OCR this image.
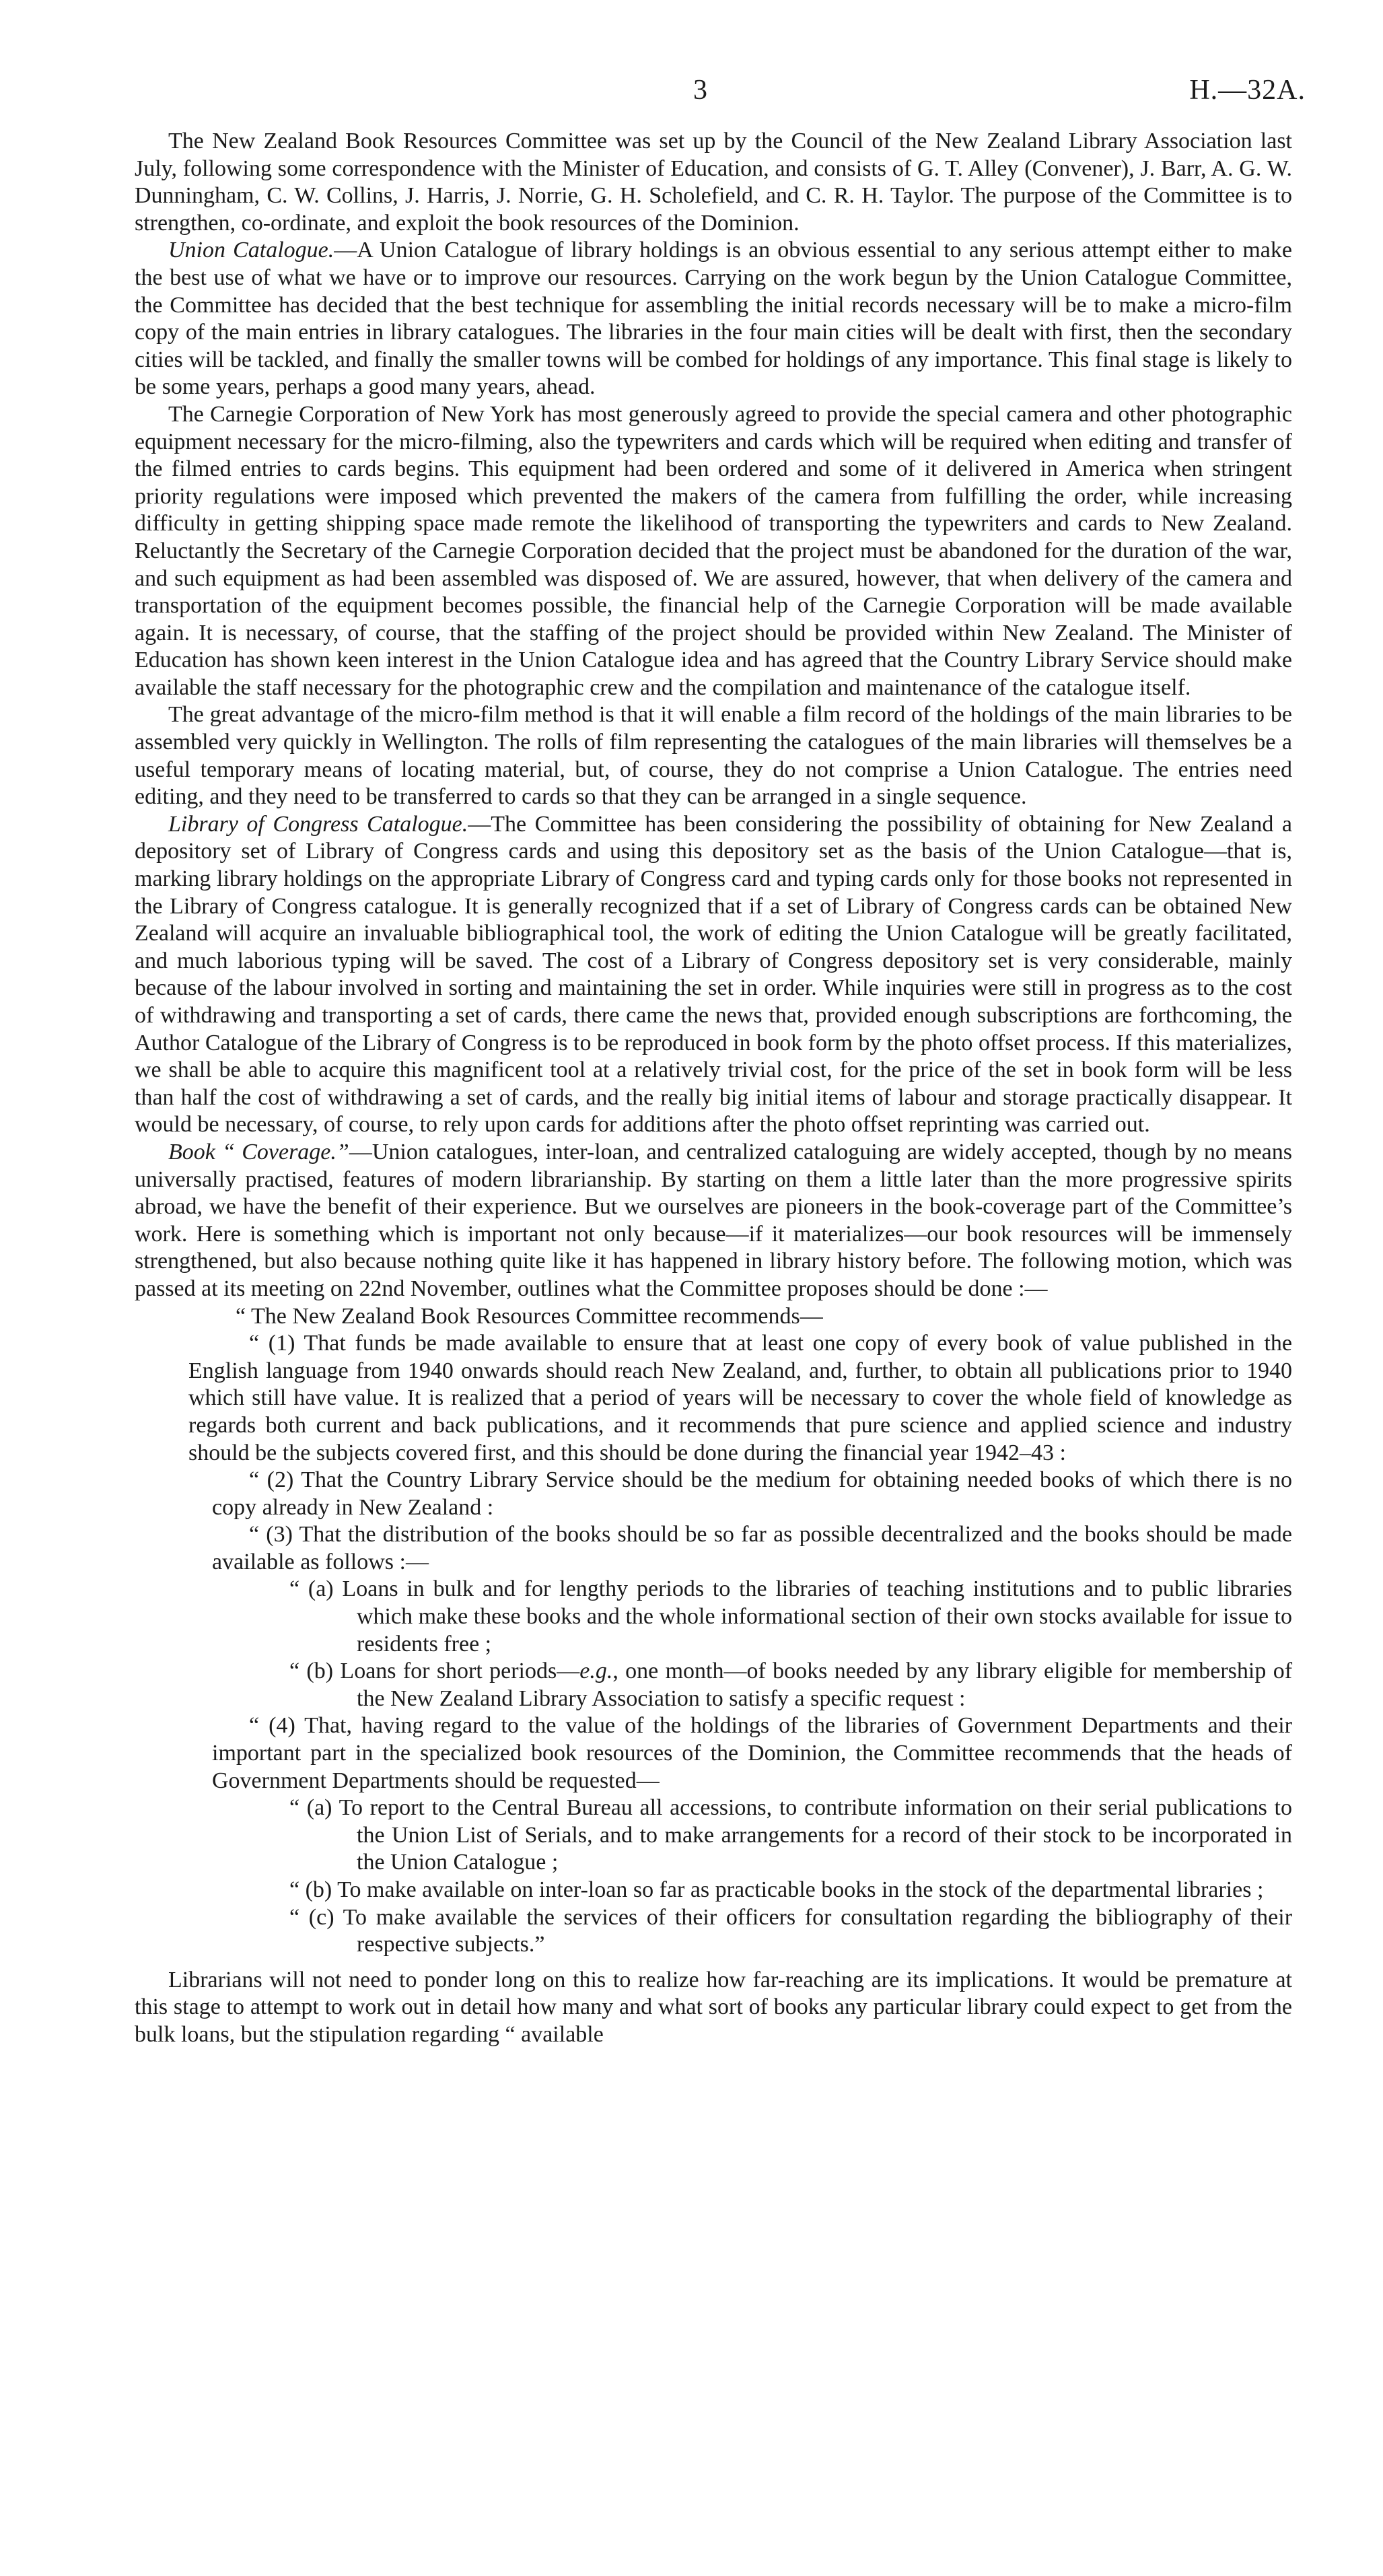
3	H.—32A.

The New Zealand Book Resources Committee was set up by the Council of the New Zealand Library Association last July, following some correspondence with the Minister of Education, and consists of G. T. Alley (Convener), J. Barr, A. G. W. Dunningham, C. W. Collins, J. Harris, J. Norrie, G. H. Scholefield, and C. R. H. Taylor. The purpose of the Committee is to strengthen, co-ordinate, and exploit the book resources of the Dominion.

Union Catalogue.—A Union Catalogue of library holdings is an obvious essential to any serious attempt either to make the best use of what we have or to improve our resources. Carrying on the work begun by the Union Catalogue Committee, the Committee has decided that the best technique for assembling the initial records necessary will be to make a micro-film copy of the main entries in library catalogues. The libraries in the four main cities will be dealt with first, then the secondary cities will be tackled, and finally the smaller towns will be combed for holdings of any importance. This final stage is likely to be some years, perhaps a good many years, ahead.

The Carnegie Corporation of New York has most generously agreed to provide the special camera and other photographic equipment necessary for the micro-filming, also the typewriters and cards which will be required when editing and transfer of the filmed entries to cards begins. This equipment had been ordered and some of it delivered in America when stringent priority regulations were imposed which prevented the makers of the camera from fulfilling the order, while increasing difficulty in getting shipping space made remote the likelihood of transporting the typewriters and cards to New Zealand. Reluctantly the Secretary of the Carnegie Corporation decided that the project must be abandoned for the duration of the war, and such equipment as had been assembled was disposed of. We are assured, however, that when delivery of the camera and transportation of the equipment becomes possible, the financial help of the Carnegie Corporation will be made available again. It is necessary, of course, that the staffing of the project should be provided within New Zealand. The Minister of Education has shown keen interest in the Union Catalogue idea and has agreed that the Country Library Service should make available the staff necessary for the photographic crew and the compilation and maintenance of the catalogue itself.

The great advantage of the micro-film method is that it will enable a film record of the holdings of the main libraries to be assembled very quickly in Wellington. The rolls of film representing the catalogues of the main libraries will themselves be a useful temporary means of locating material, but, of course, they do not comprise a Union Catalogue. The entries need editing, and they need to be transferred to cards so that they can be arranged in a single sequence.

Library of Congress Catalogue.—The Committee has been considering the possibility of obtaining for New Zealand a depository set of Library of Congress cards and using this depository set as the basis of the Union Catalogue—that is, marking library holdings on the appropriate Library of Congress card and typing cards only for those books not represented in the Library of Congress catalogue. It is generally recognized that if a set of Library of Congress cards can be obtained New Zealand will acquire an invaluable bibliographical tool, the work of editing the Union Catalogue will be greatly facilitated, and much laborious typing will be saved. The cost of a Library of Congress depository set is very considerable, mainly because of the labour involved in sorting and maintaining the set in order. While inquiries were still in progress as to the cost of withdrawing and transporting a set of cards, there came the news that, provided enough subscriptions are forthcoming, the Author Catalogue of the Library of Congress is to be reproduced in book form by the photo offset process. If this materializes, we shall be able to acquire this magnificent tool at a relatively trivial cost, for the price of the set in book form will be less than half the cost of withdrawing a set of cards, and the really big initial items of labour and storage practically disappear. It would be necessary, of course, to rely upon cards for additions after the photo offset reprinting was carried out.

Book “ Coverage.”—Union catalogues, inter-loan, and centralized cataloguing are widely accepted, though by no means universally practised, features of modern librarianship. By starting on them a little later than the more progressive spirits abroad, we have the benefit of their experience. But we ourselves are pioneers in the book-coverage part of the Committee’s work. Here is something which is important not only because—if it materializes—our book resources will be immensely strengthened, but also because nothing quite like it has happened in library history before. The following motion, which was passed at its meeting on 22nd November, outlines what the Committee proposes should be done :—

“ The New Zealand Book Resources Committee recommends—

“ (1) That funds be made available to ensure that at least one copy of every book of value published in the English language from 1940 onwards should reach New Zealand, and, further, to obtain all publications prior to 1940 which still have value. It is realized that a period of years will be necessary to cover the whole field of knowledge as regards both current and back publications, and it recommends that pure science and applied science and industry should be the subjects covered first, and this should be done during the financial year 1942–43 :

“ (2) That the Country Library Service should be the medium for obtaining needed books of which there is no copy already in New Zealand :

“ (3) That the distribution of the books should be so far as possible decentralized and the books should be made available as follows :—

“ (a) Loans in bulk and for lengthy periods to the libraries of teaching institutions and to public libraries which make these books and the whole informational section of their own stocks available for issue to residents free ;

“ (b) Loans for short periods—e.g., one month—of books needed by any library eligible for membership of the New Zealand Library Association to satisfy a specific request :

“ (4) That, having regard to the value of the holdings of the libraries of Government Departments and their important part in the specialized book resources of the Dominion, the Committee recommends that the heads of Government Departments should be requested—

“ (a) To report to the Central Bureau all accessions, to contribute information on their serial publications to the Union List of Serials, and to make arrangements for a record of their stock to be incorporated in the Union Catalogue ;

“ (b) To make available on inter-loan so far as practicable books in the stock of the departmental libraries ;

“ (c) To make available the services of their officers for consultation regarding the bibliography of their respective subjects.”

Librarians will not need to ponder long on this to realize how far-reaching are its implications. It would be premature at this stage to attempt to work out in detail how many and what sort of books any particular library could expect to get from the bulk loans, but the stipulation regarding “ available
